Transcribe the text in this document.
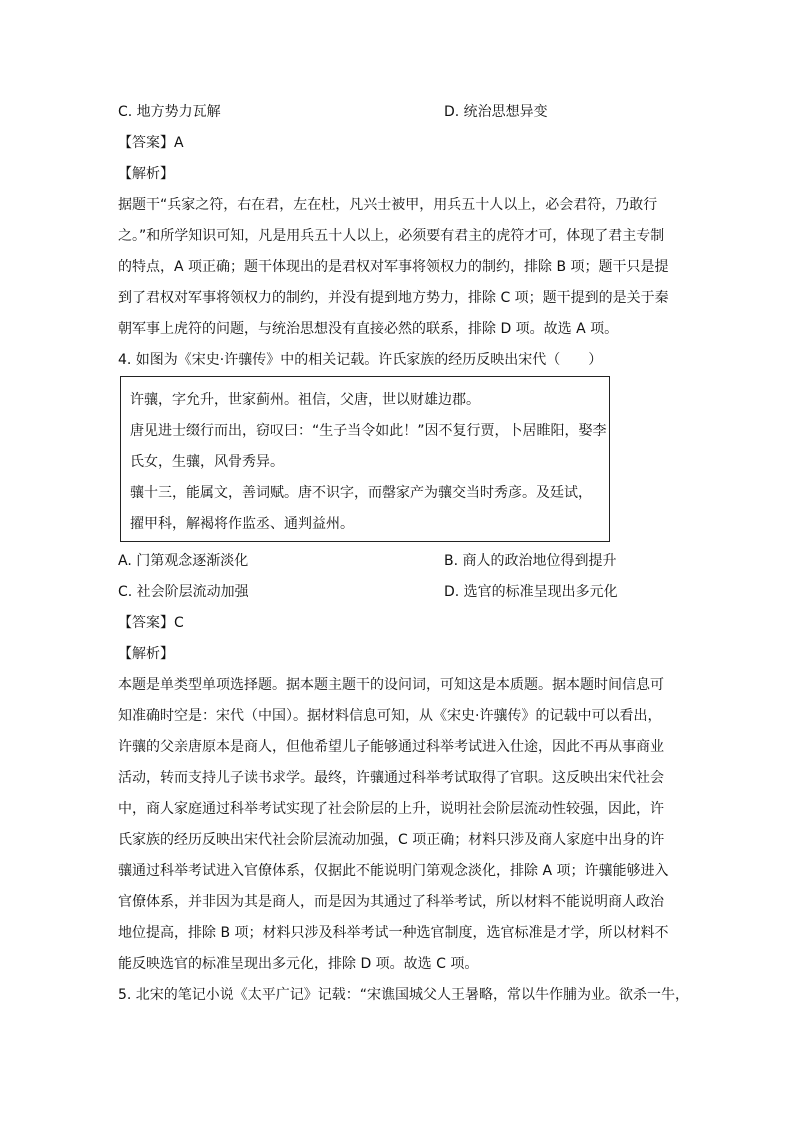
C. 地方势力瓦解	D. 统治思想异变
【答案】A
【解析】
据题干“兵家之符，右在君，左在杜，凡兴士被甲，用兵五十人以上，必会君符，乃敢行
之。”和所学知识可知，凡是用兵五十人以上，必须要有君主的虎符才可，体现了君主专制
的特点，A 项正确；题干体现出的是君权对军事将领权力的制约，排除 B 项；题干只是提
到了君权对军事将领权力的制约，并没有提到地方势力，排除 C 项；题干提到的是关于秦
朝军事上虎符的问题，与统治思想没有直接必然的联系，排除 D 项。故选 A 项。
4. 如图为《宋史·许骧传》中的相关记载。许氏家族的经历反映出宋代（　　）
许骧，字允升，世家蓟州。祖信，父唐，世以财雄边郡。
唐见进士缀行而出，窃叹曰：“生子当令如此！”因不复行贾，卜居睢阳，娶李
氏女，生骧，风骨秀异。
骧十三，能属文，善词赋。唐不识字，而罄家产为骧交当时秀彦。及廷试，
擢甲科，解褐将作监丞、通判益州。
A. 门第观念逐渐淡化	B. 商人的政治地位得到提升
C. 社会阶层流动加强	D. 选官的标准呈现出多元化
【答案】C
【解析】
本题是单类型单项选择题。据本题主题干的设问词，可知这是本质题。据本题时间信息可
知准确时空是：宋代（中国）。据材料信息可知，从《宋史·许骧传》的记载中可以看出，
许骧的父亲唐原本是商人，但他希望儿子能够通过科举考试进入仕途，因此不再从事商业
活动，转而支持儿子读书求学。最终，许骧通过科举考试取得了官职。这反映出宋代社会
中，商人家庭通过科举考试实现了社会阶层的上升，说明社会阶层流动性较强，因此，许
氏家族的经历反映出宋代社会阶层流动加强，C 项正确；材料只涉及商人家庭中出身的许
骧通过科举考试进入官僚体系，仅据此不能说明门第观念淡化，排除 A 项；许骧能够进入
官僚体系，并非因为其是商人，而是因为其通过了科举考试，所以材料不能说明商人政治
地位提高，排除 B 项；材料只涉及科举考试一种选官制度，选官标准是才学，所以材料不
能反映选官的标准呈现出多元化，排除 D 项。故选 C 项。
5. 北宋的笔记小说《太平广记》记载：“宋谯国城父人王暑略，常以牛作脯为业。欲杀一牛，
